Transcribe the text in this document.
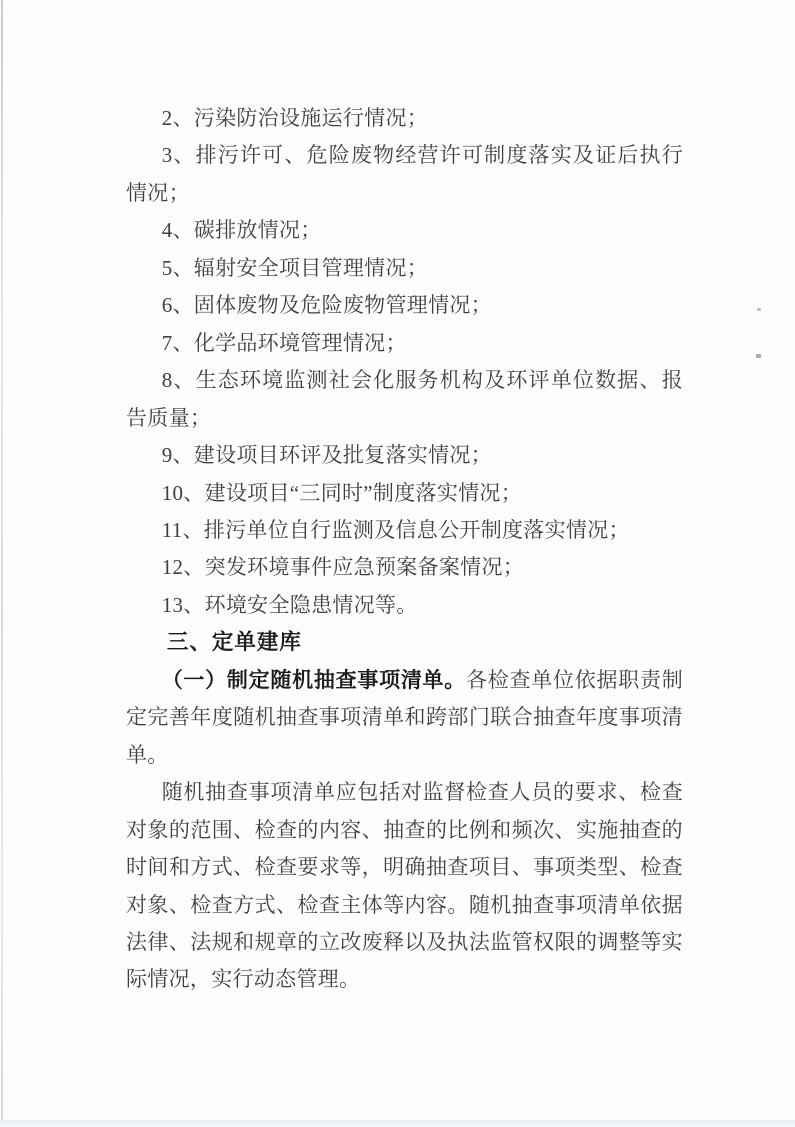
2、污染防治设施运行情况；

3、排污许可、危险废物经营许可制度落实及证后执行情况；

4、碳排放情况；

5、辐射安全项目管理情况；

6、固体废物及危险废物管理情况；

7、化学品环境管理情况；

8、生态环境监测社会化服务机构及环评单位数据、报告质量；

9、建设项目环评及批复落实情况；

10、建设项目“三同时”制度落实情况；

11、排污单位自行监测及信息公开制度落实情况；

12、突发环境事件应急预案备案情况；

13、环境安全隐患情况等。

三、定单建库

（一）制定随机抽查事项清单。各检查单位依据职责制定完善年度随机抽查事项清单和跨部门联合抽查年度事项清单。

随机抽查事项清单应包括对监督检查人员的要求、检查对象的范围、检查的内容、抽查的比例和频次、实施抽查的时间和方式、检查要求等，明确抽查项目、事项类型、检查对象、检查方式、检查主体等内容。随机抽查事项清单依据法律、法规和规章的立改废释以及执法监管权限的调整等实际情况，实行动态管理。
